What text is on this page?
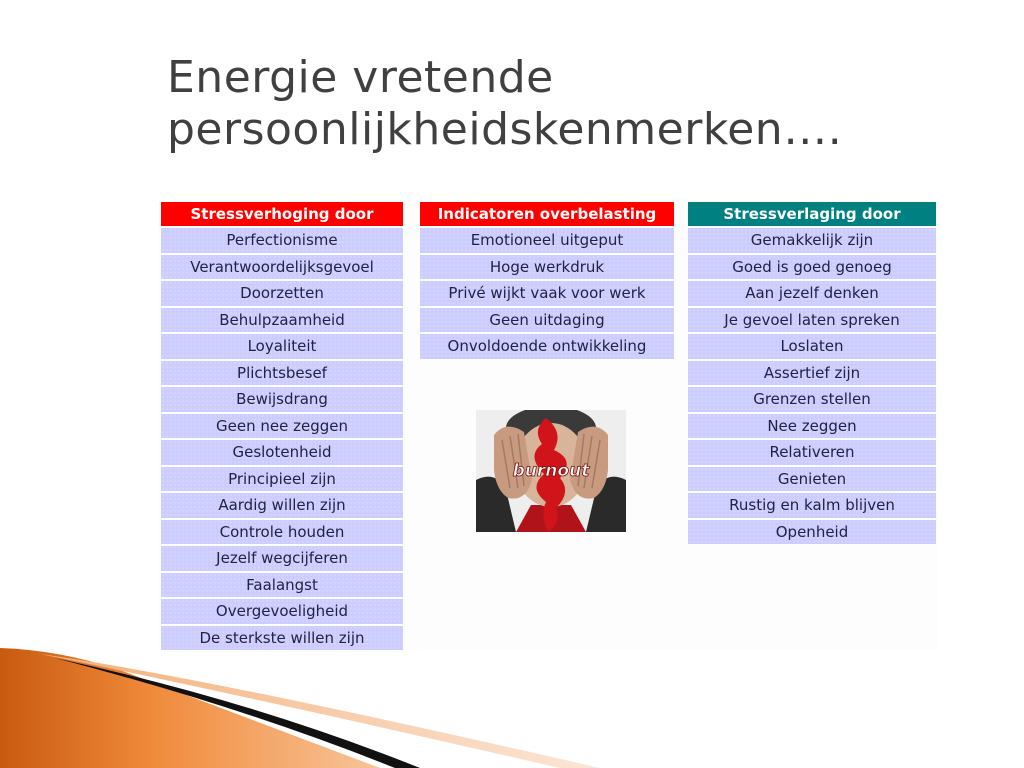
Energie vretende
persoonlijkheidskenmerken….
Stressverhoging door
Perfectionisme
Verantwoordelijksgevoel
Doorzetten
Behulpzaamheid
Loyaliteit
Plichtsbesef
Bewijsdrang
Geen nee zeggen
Geslotenheid
Principieel zijn
Aardig willen zijn
Controle houden
Jezelf wegcijferen
Faalangst
Overgevoeligheid
De sterkste willen zijn
Indicatoren overbelasting
Emotioneel uitgeput
Hoge werkdruk
Privé wijkt vaak voor werk
Geen uitdaging
Onvoldoende ontwikkeling
Stressverlaging door
Gemakkelijk zijn
Goed is goed genoeg
Aan jezelf denken
Je gevoel laten spreken
Loslaten
Assertief zijn
Grenzen stellen
Nee zeggen
Relativeren
Genieten
Rustig en kalm blijven
Openheid
burnout
